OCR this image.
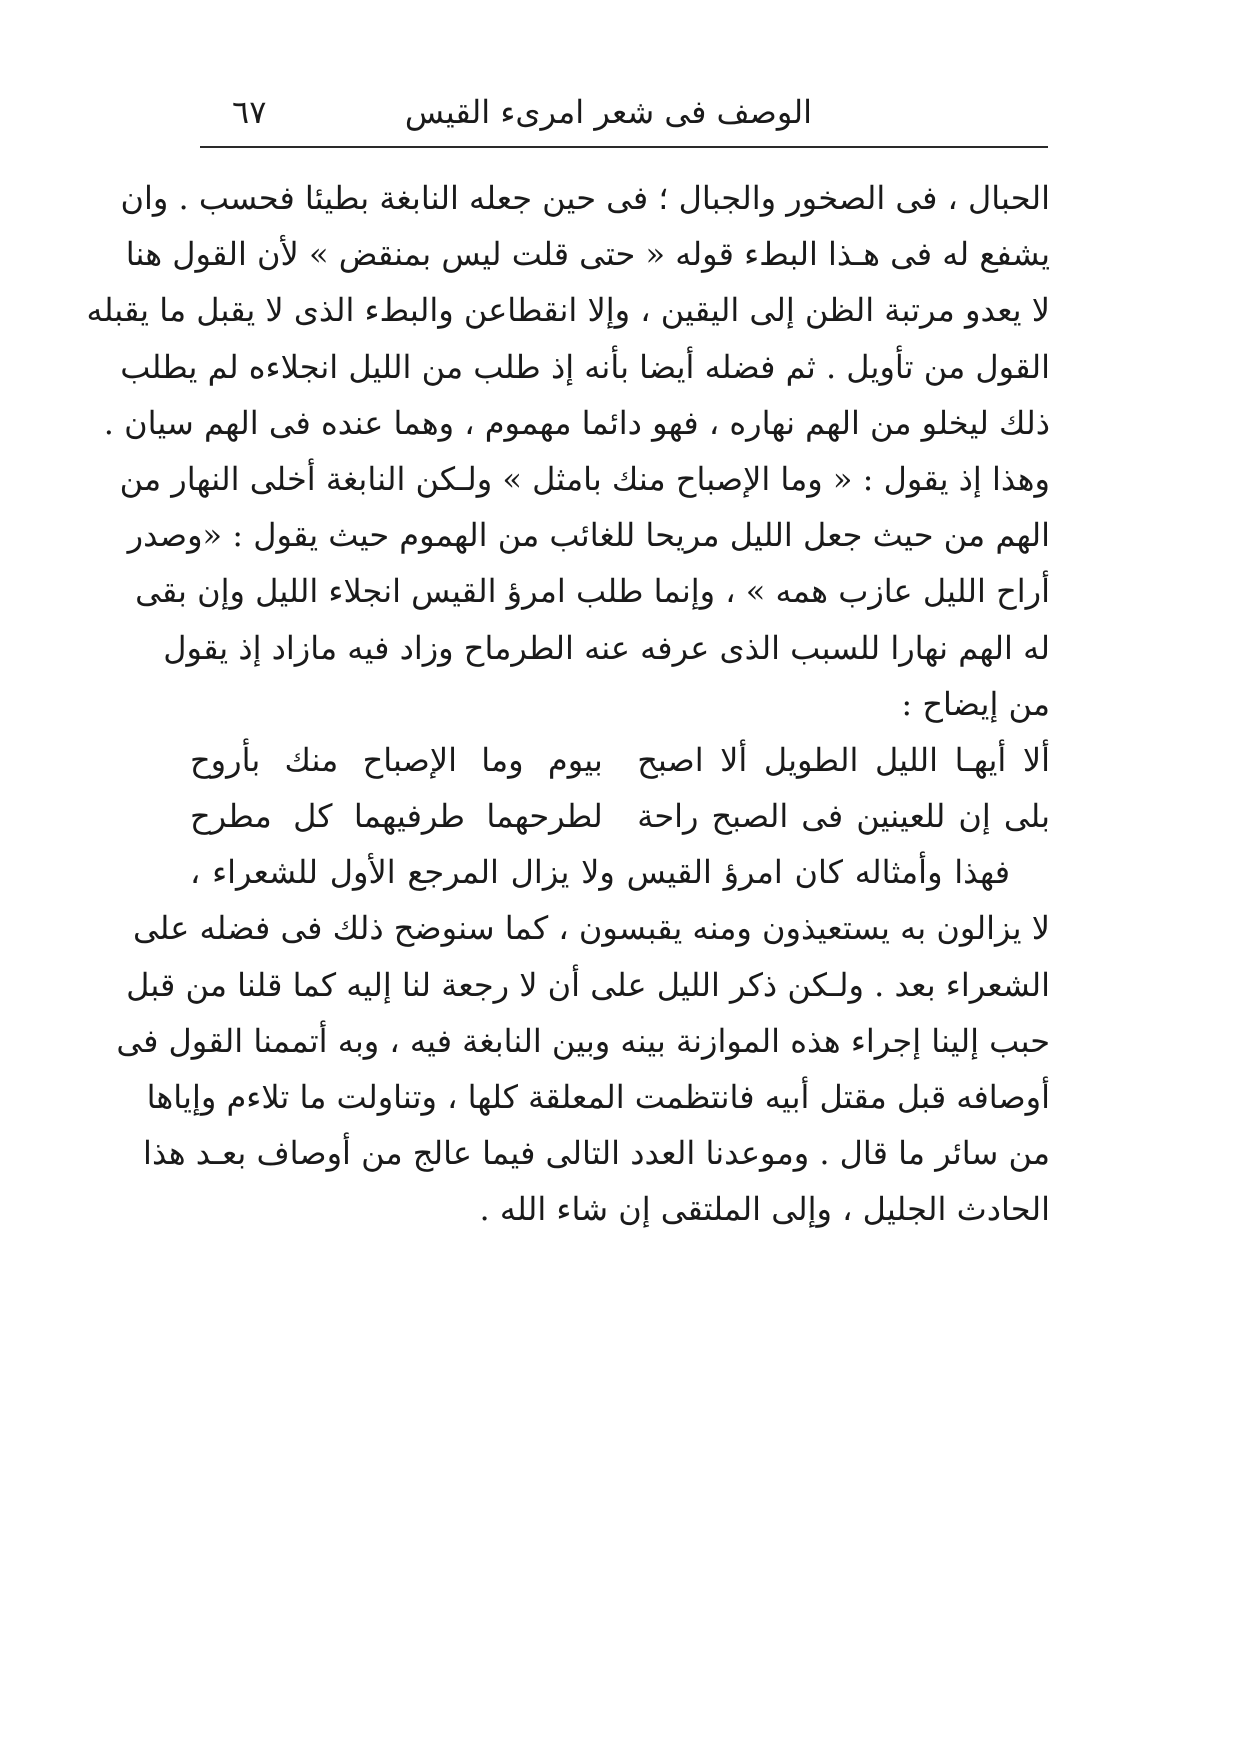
الوصف فى شعر امرىء القيس
٦٧
الحبال ، فى الصخور والجبال ؛ فى حين جعله النابغة بطيئا فحسب . وان
يشفع له فى هـذا البطء قوله « حتى قلت ليس بمنقض » لأن القول هنا
لا يعدو مرتبة الظن إلى اليقين ، وإلا انقطاعن والبطء الذى لا يقبل ما يقبله
القول من تأويل . ثم فضله أيضا بأنه إذ طلب من الليل انجلاءه لم يطلب
ذلك ليخلو من الهم نهاره ، فهو دائما مهموم ، وهما عنده فى الهم سيان .
وهذا إذ يقول : « وما الإصباح منك بامثل » ولـكن النابغة أخلى النهار من
الهم من حيث جعل الليل مريحا للغائب من الهموم حيث يقول : «وصدر
أراح الليل عازب همه » ، وإنما طلب امرؤ القيس انجلاء الليل وإن بقى
له الهم نهارا للسبب الذى عرفه عنه الطرماح وزاد فيه مازاد إذ يقول
من إيضاح :
ألا أيهـا الليل الطويل ألا اصبح
بيوم وما الإصباح منك بأروح
بلى إن للعينين فى الصبح راحة
لطرحهما طرفيهما كل مطرح
فهذا وأمثاله كان امرؤ القيس ولا يزال المرجع الأول للشعراء ،
لا يزالون به يستعيذون ومنه يقبسون ، كما سنوضح ذلك فى فضله على
الشعراء بعد . ولـكن ذكر الليل على أن لا رجعة لنا إليه كما قلنا من قبل
حبب إلينا إجراء هذه الموازنة بينه وبين النابغة فيه ، وبه أتممنا القول فى
أوصافه قبل مقتل أبيه فانتظمت المعلقة كلها ، وتناولت ما تلاءم وإياها
من سائر ما قال . وموعدنا العدد التالى فيما عالج من أوصاف بعـد هذا
الحادث الجليل ، وإلى الملتقى إن شاء الله .
